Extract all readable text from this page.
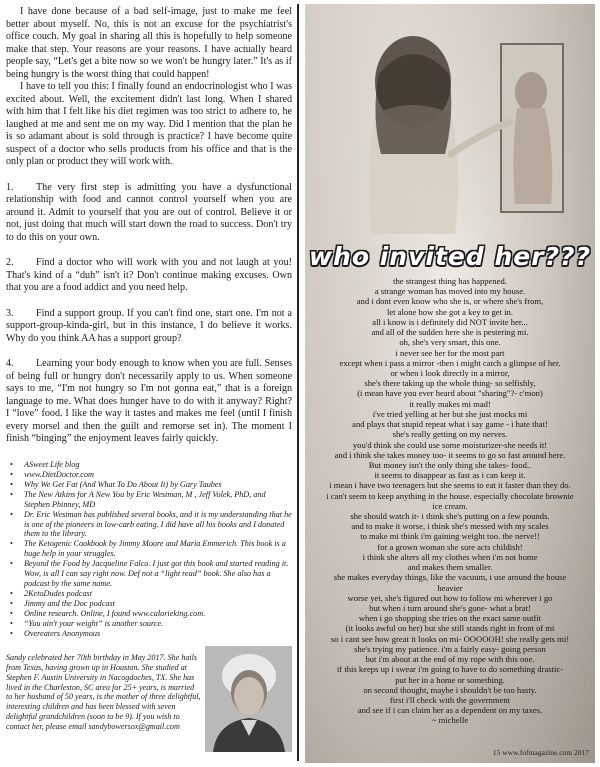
I have done because of a bad self-image, just to make me feel better about myself. No, this is not an excuse for the psychiatrist's office couch. My goal in sharing all this is hopefully to help someone make that step. Your reasons are your reasons. I have actually heard people say, “Let's get a bite now so we won't be hungry later.” It's as if being hungry is the worst thing that could happen!

I have to tell you this: I finally found an endocrinologist who I was excited about. Well, the excitement didn't last long. When I shared with him that I felt like his diet regimen was too strict to adhere to, he laughed at me and sent me on my way. Did I mention that the plan he is so adamant about is sold through is practice? I have become quite suspect of a doctor who sells products from his office and that is the only plan or product they will work with.

1. The very first step is admitting you have a dysfunctional relationship with food and cannot control yourself when you are around it. Admit to yourself that you are out of control. Believe it or not, just doing that much will start down the road to success. Don't try to do this on your own.

2. Find a doctor who will work with you and not laugh at you! That's kind of a “duh” isn't it? Don't continue making excuses. Own that you are a food addict and you need help.

3. Find a support group. If you can't find one, start one. I'm not a support-group-kinda-girl, but in this instance, I do believe it works. Why do you think AA has a support group?

4. Learning your body enough to know when you are full. Senses of being full or hungry don't necessarily apply to us. When someone says to me, “I'm not hungry so I'm not gonna eat,” that is a foreign language to me. What does hunger have to do with it anyway? Right? I “love” food. I like the way it tastes and makes me feel (until I finish every morsel and then the guilt and remorse set in). The moment I finish “binging” the enjoyment leaves fairly quickly.

• ASweet Life blog
• www.DietDoctor.com
• Why We Get Fat (And What To Do About It) by Gary Taubes
• The New Atkins for A New You by Eric Westman, M , Jeff Volek, PhD, and Stephen Phinney, MD
• Dr. Eric Westman has published several books, and it is my understanding that he is one of the pioneers in low-carb eating. I did have all his books and I donated them to the library.
• The Ketogenic Cookbook by Jimmy Moore and Maria Emmerich. This book is a huge help in your struggles.
• Beyond the Food by Jacqueline Falco. I just got this book and started reading it. Wow, is all I can say right now. Def not a “light read” book. She also has a podcast by the same name.
• 2KetoDudes podcast
• Jimmy and the Doc podcast
• Online research. Online, I found www.calorieking.com.
• “You ain't your weight” is another source.
• Overeaters Anonymous

Sandy celebrated her 70th birthday in May 2017. She hails from Texas, having grown up in Houston. She studied at Stephen F. Austin University in Nacogdoches, TX. She has lived in the Charleston, SC area for 25+ years, is married to her husband of 50 years, is the mother of three delightful, interesting children and has been blessed with seven delightful grandchildren (soon to be 9). If you wish to contact her, please email sandybowersox@gmail.com

who invited her???
the strangest thing has happened.
a strange woman has moved into my house.
and i dont even know who she is, or where she's from,
let alone how she got a key to get in.
all i know is i definitely did NOT invite her...
and all of the sudden here she is pestering mi.
oh, she's very smart, this one.
i never see her for the most part
except when i pass a mirror -then i might catch a glimpse of her.
or when i look directly in a mirror,
she's there taking up the whole thing- so selfishly,
(i mean have you ever heard about "sharing"?- c'mon)
it really makes mi mad!
i've tried yelling at her but she just mocks mi
and plays that stupid repeat what i say game - i hate that!
she's really getting on my nerves.
you'd think she could use some moisturizer-she needs it!
and i think she takes money too- it seems to go so fast around here.
But money isn't the only thing she takes- food..
it seems to disappear as fast as i can keep it.
i mean i have two teenagers but she seems to eat it faster than they do.
i can't seem to keep anything in the house. especially chocolate brownie
ice cream.
she should watch it- i think she's putting on a few pounds.
and to make it worse, i think she's messed with my scales
to make mi think i'm gaining weight too. the nerve!!
for a grown woman she sure acts childish!
i think she alters all my clothes when i'm not home
and makes them smaller.
she makes everyday things, like the vacuum, i use around the house
heavier
worse yet, she's figured out how to follow mi wherever i go
but when i turn around she's gone- what a brat!
when i go shopping she tries on the exact same outfit
(it looks awful on her) but she still stands right in front of mi
so i cant see how great it looks on mi- OOOOOH! she really gets mi!
she's trying my patience. i'm a fairly easy- going person
but i'm about at the end of my rope with this one.
if this keeps up i swear i'm going to have to do something drastic-
put her in a home or something.
on second thought, maybe i shouldn't be too hasty.
first i'll check with the government
and see if i can claim her as a dependent on my taxes.
~ michelle
15 www.fofmagazine.com 2017
